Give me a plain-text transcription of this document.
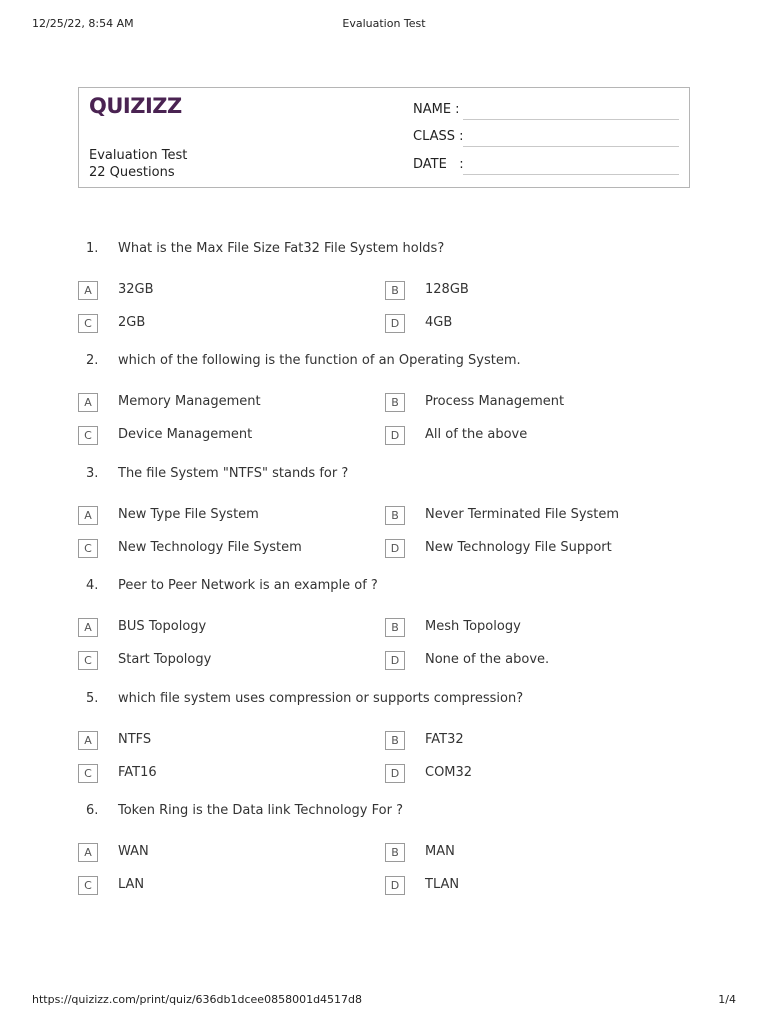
12/25/22, 8:54 AM	Evaluation Test
QUIZIZZ
Evaluation Test
22 Questions
NAME :
CLASS :
DATE   :
1. What is the Max File Size Fat32 File System holds?
A	32GB	B	128GB
C	2GB	D	4GB
2. which of the following is the function of an Operating System.
A	Memory Management	B	Process Management
C	Device Management	D	All of the above
3. The file System "NTFS" stands for ?
A	New Type File System	B	Never Terminated File System
C	New Technology File System	D	New Technology File Support
4. Peer to Peer Network is an example of ?
A	BUS Topology	B	Mesh Topology
C	Start Topology	D	None of the above.
5. which file system uses compression or supports compression?
A	NTFS	B	FAT32
C	FAT16	D	COM32
6. Token Ring is the Data link Technology For ?
A	WAN	B	MAN
C	LAN	D	TLAN
https://quizizz.com/print/quiz/636db1dcee0858001d4517d8	1/4
